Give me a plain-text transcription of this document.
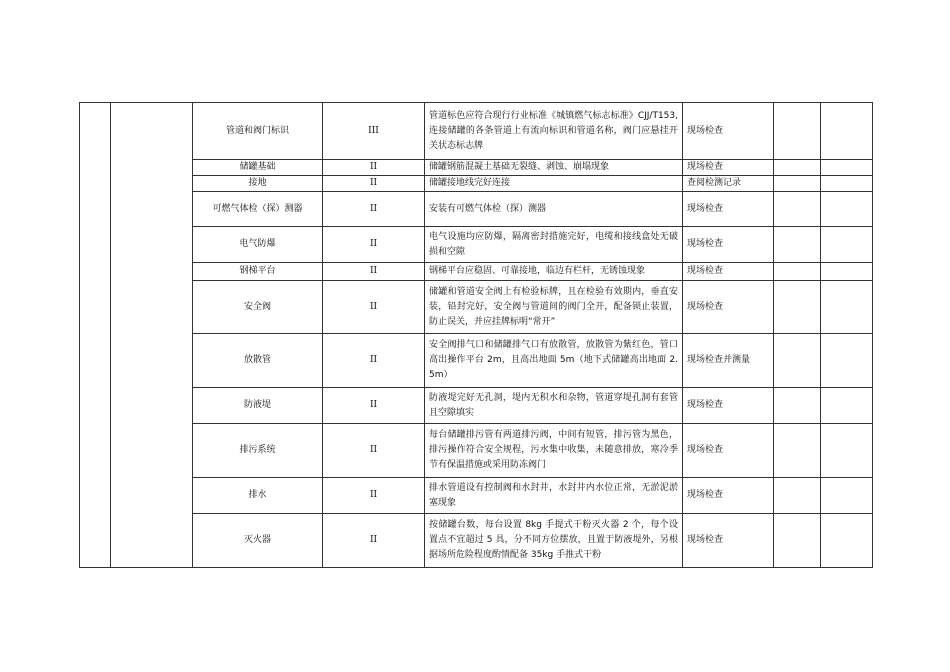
		管道和阀门标识	III	管道标色应符合现行行业标准《城镇燃气标志标准》CJJ/T153,连接储罐的各条管道上有流向标识和管道名称，阀门应悬挂开关状态标志牌	现场检查		
		储罐基础	II	储罐钢筋混凝土基础无裂缝、剥蚀、崩塌现象	现场检查		
		接地	II	储罐接地线完好连接	查阅检测记录		
		可燃气体检（探）测器	II	安装有可燃气体检（探）测器	现场检查		
		电气防爆	II	电气设施均应防爆，隔离密封措施完好，电缆和接线盒处无破损和空隙	现场检查		
		钢梯平台	II	钢梯平台应稳固、可靠接地，临边有栏杆，无锈蚀现象	现场检查		
		安全阀	II	储罐和管道安全阀上有检验标牌，且在检验有效期内，垂直安装，铅封完好，安全阀与管道间的阀门全开，配备锁止装置，防止误关，并应挂牌标明“常开”	现场检查		
		放散管	II	安全阀排气口和储罐排气口有放散管，放散管为紫红色，管口高出操作平台 2m，且高出地面 5m（地下式储罐高出地面 2.5m）	现场检查并测量		
		防液堤	II	防液堤完好无孔洞，堤内无积水和杂物，管道穿堤孔洞有套管且空隙填实	现场检查		
		排污系统	II	每台储罐排污管有两道排污阀，中间有短管，排污管为黑色，排污操作符合安全规程，污水集中收集，未随意排放，寒冷季节有保温措施或采用防冻阀门	现场检查		
		排水	II	排水管道设有控制阀和水封井，水封井内水位正常，无淤泥淤塞现象	现场检查		
		灭火器	II	按储罐台数，每台设置 8kg 手提式干粉灭火器 2 个，每个设置点不宜超过 5 具，分不同方位摆放，且置于防液堤外，另根据场所危险程度酌情配备 35kg 手推式干粉	现场检查		
